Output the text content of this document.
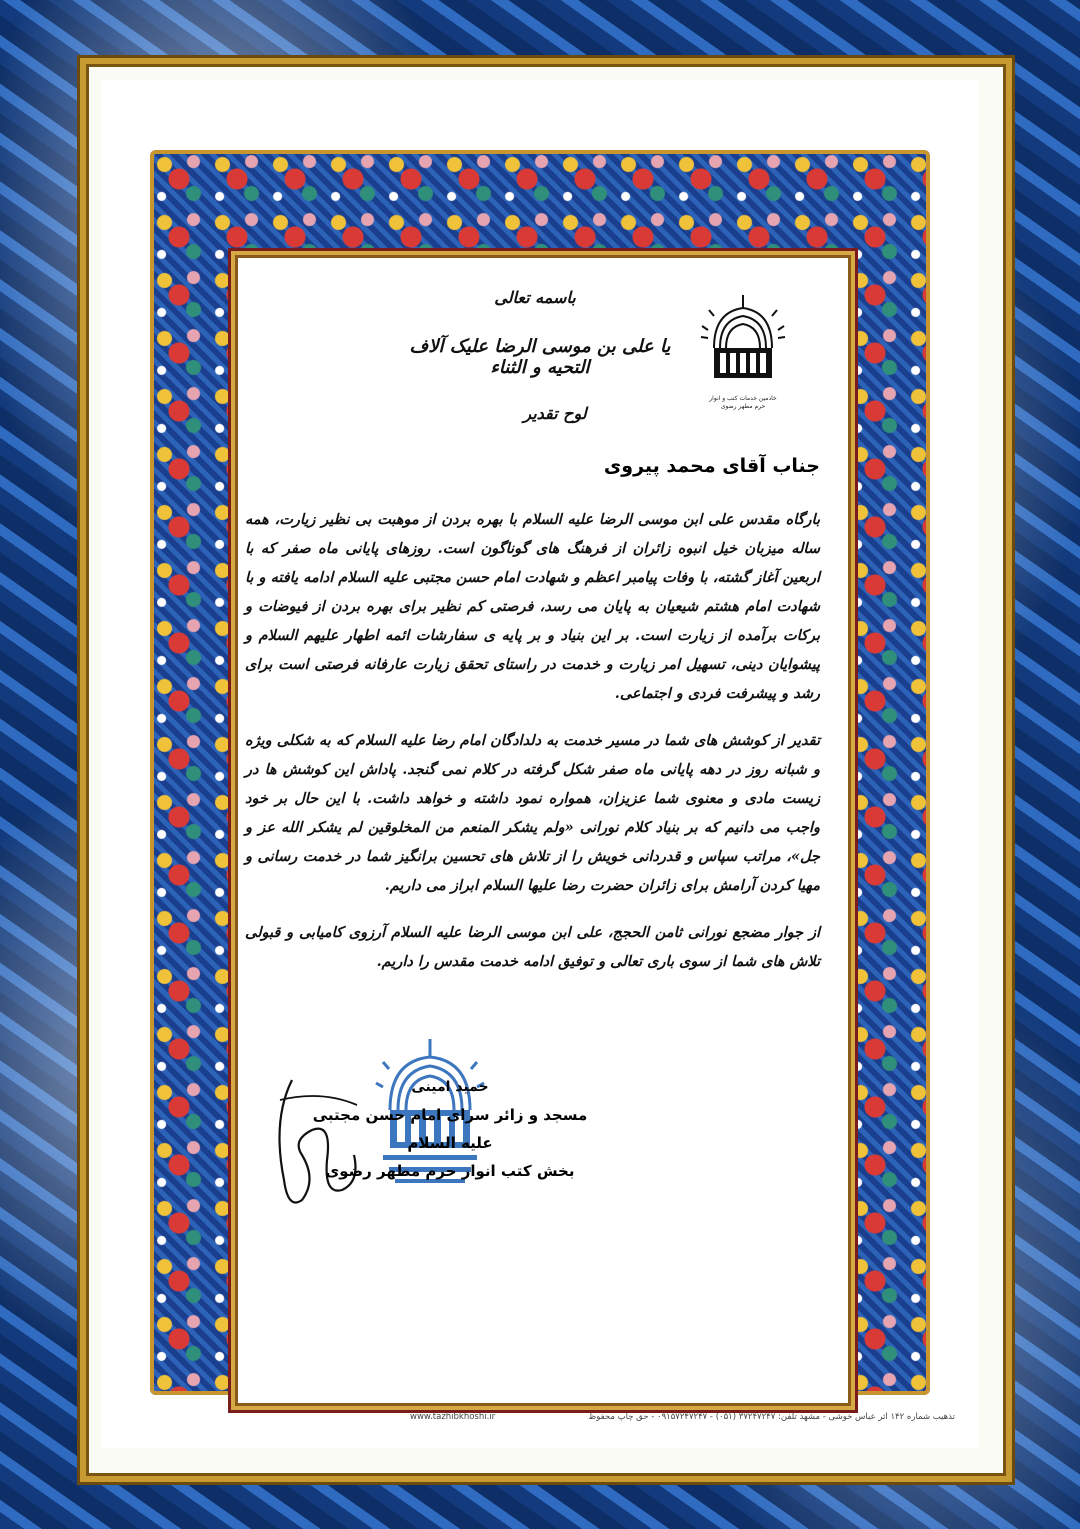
خادمین خدمات کتب و انوار
حرم مطهر رضوی
باسمه تعالی
یا علی بن موسی الرضا علیک آلاف التحیه و الثناء
لوح تقدیر
جناب آقای محمد پیروی

بارگاه مقدس علی ابن موسی الرضا علیه السلام با بهره بردن از موهبت بی نظیر زیارت، همه ساله میزبان خیل انبوه زائران از فرهنگ های گوناگون است. روزهای پایانی ماه صفر که با اربعین آغاز گشته، با وفات پیامبر اعظم و شهادت امام حسن مجتبی علیه السلام ادامه یافته و با شهادت امام هشتم شیعیان به پایان می رسد، فرصتی کم نظیر برای بهره بردن از فیوضات و برکات برآمده از زیارت است. بر این بنیاد و بر پایه ی سفارشات ائمه اطهار علیهم السلام و پیشوایان دینی، تسهیل امر زیارت و خدمت در راستای تحقق زیارت عارفانه فرصتی است برای رشد و پیشرفت فردی و اجتماعی.

تقدیر از کوشش های شما در مسیر خدمت به دلدادگان امام رضا علیه السلام که به شکلی ویژه و شبانه روز در دهه پایانی ماه صفر شکل گرفته در کلام نمی گنجد. پاداش این کوشش ها در زیست مادی و معنوی شما عزیزان، همواره نمود داشته و خواهد داشت. با این حال بر خود واجب می دانیم که بر بنیاد کلام نورانی «ولم یشکر المنعم من المخلوقین لم یشکر الله عز و جل»، مراتب سپاس و قدردانی خویش را از تلاش های تحسین برانگیز شما در خدمت رسانی و مهیا کردن آرامش برای زائران حضرت رضا علیها السلام ابراز می داریم.

از جوار مضجع نورانی ثامن الحجج، علی ابن موسی الرضا علیه السلام آرزوی کامیابی و قبولی تلاش های شما از سوی باری تعالی و توفیق ادامه خدمت مقدس را داریم.

حمید امینی
مسجد و زائر سرای امام حسن مجتبی علیه السلام
بخش کتب انوار حرم مطهر رضوی
www.tazhibkhoshi.ir	تذهیب شماره ۱۴۲ اثر عباس خوشی - مشهد تلفن: ۳۷۲۴۷۲۴۷ (۰۵۱) - ۰۹۱۵۷۲۴۷۲۴۷ - حق چاپ محفوظ
